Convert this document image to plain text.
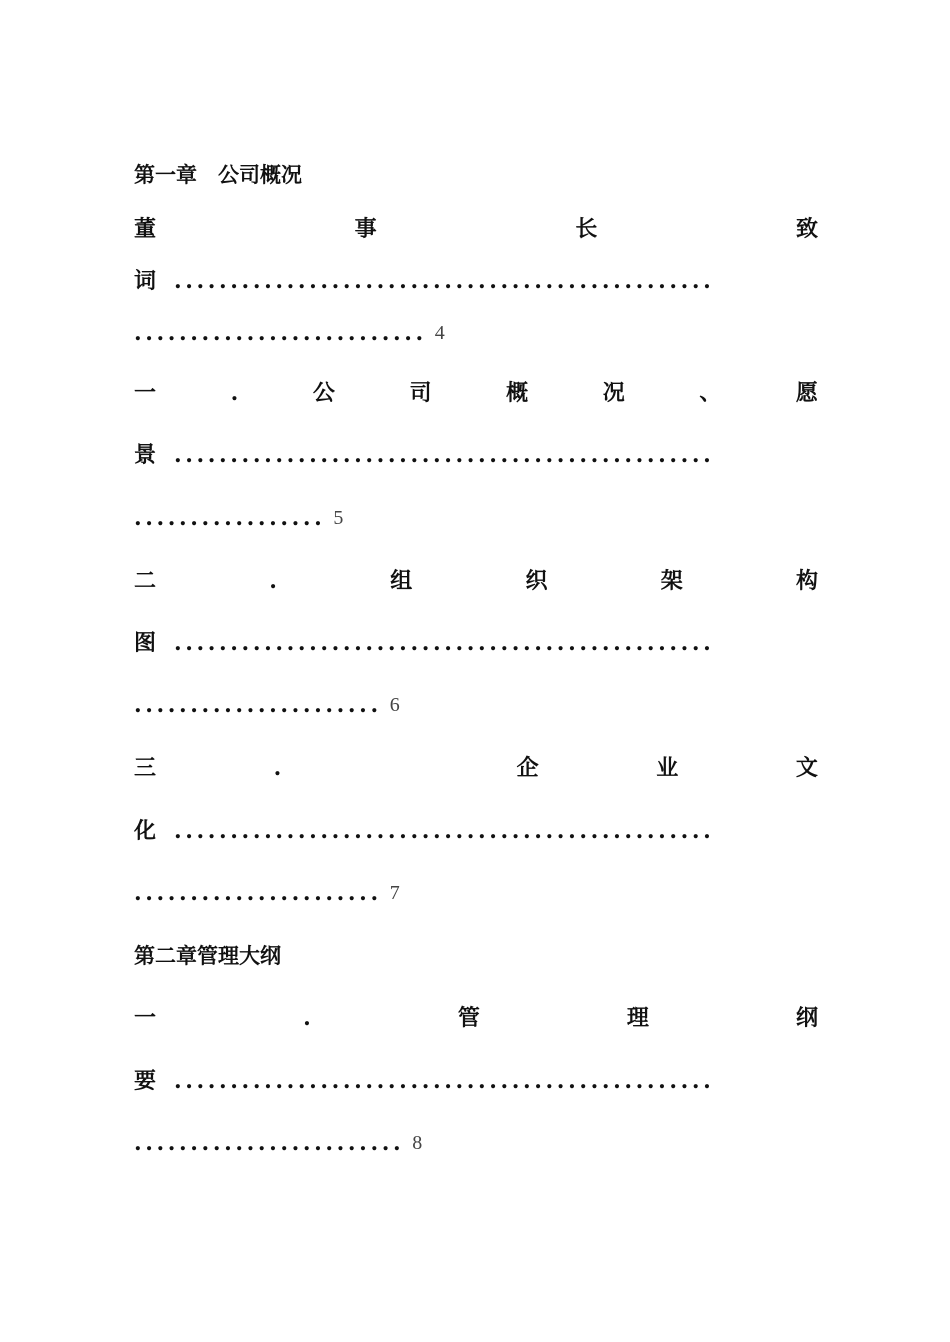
第一章　公司概况
董	事	长	致
词 ................................................
.......................... 4
一	.	公	司	概	况	、	愿
景 ................................................
................. 5
二	.	组	织	架	构
图 ................................................
...................... 6
三	.	企	业	文
化 ................................................
...................... 7
第二章管理大纲
一	.	管	理	纲
要 ................................................
........................ 8
